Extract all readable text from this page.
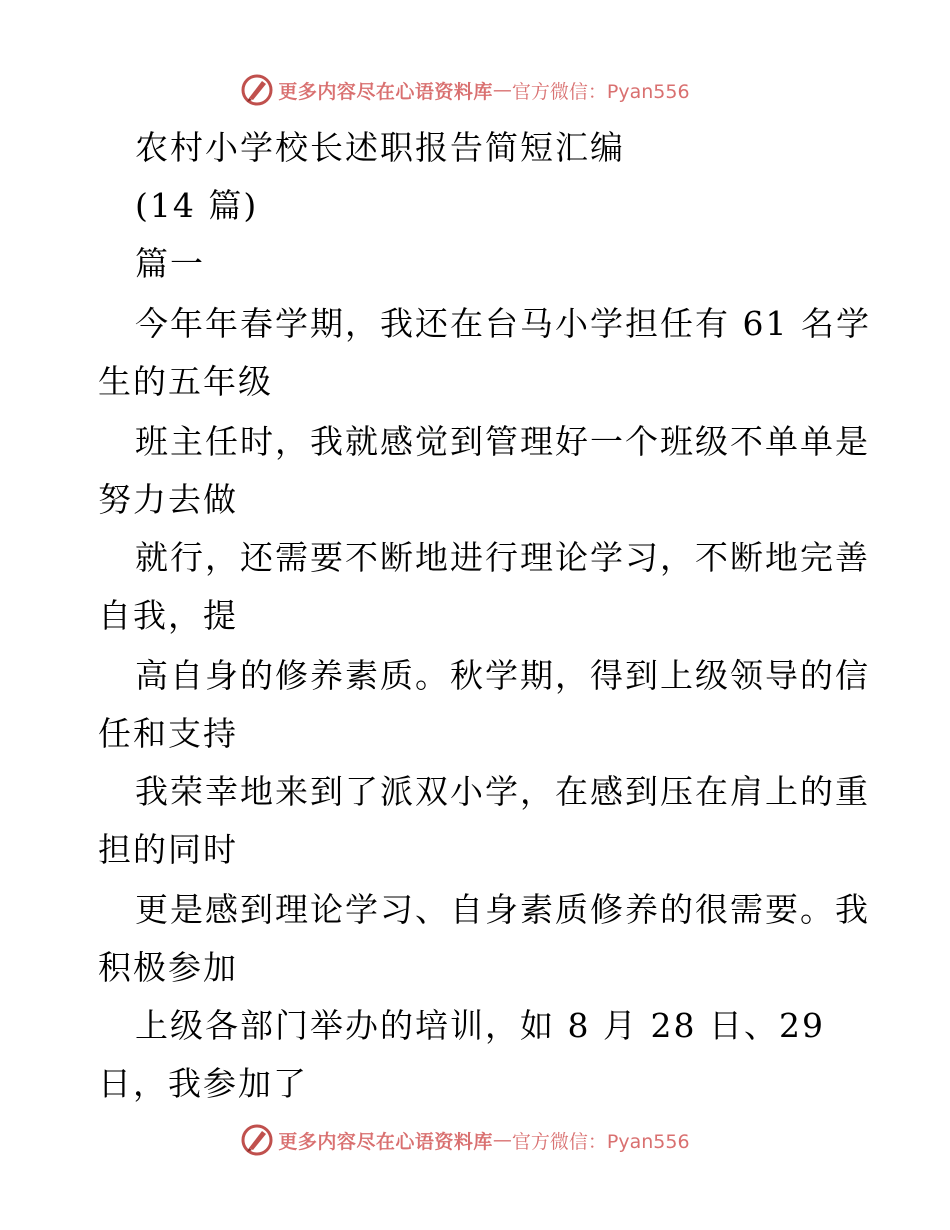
更多内容尽在心语资料库 — 官方微信：Pyan556
农村小学校长述职报告简短汇编
(14 篇)
篇一
今年年春学期，我还在台马小学担任有 61 名学
生的五年级
班主任时，我就感觉到管理好一个班级不单单是
努力去做
就行，还需要不断地进行理论学习，不断地完善
自我，提
高自身的修养素质。秋学期，得到上级领导的信
任和支持
我荣幸地来到了派双小学，在感到压在肩上的重
担的同时
更是感到理论学习、自身素质修养的很需要。我
积极参加
上级各部门举办的培训，如 8 月 28 日、29
日，我参加了
更多内容尽在心语资料库 — 官方微信：Pyan556
